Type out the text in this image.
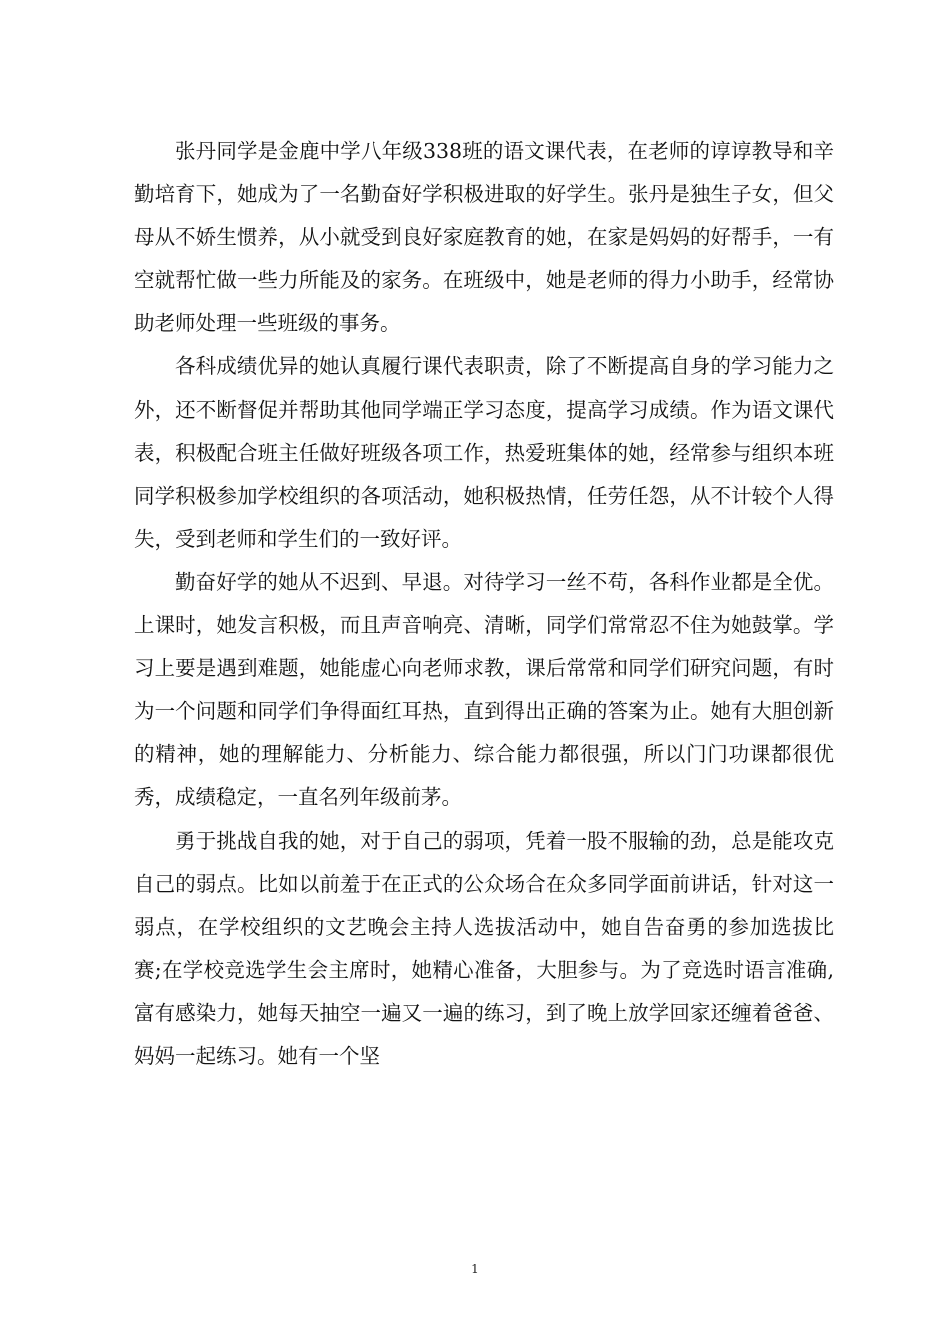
张丹同学是金鹿中学八年级338班的语文课代表，在老师的谆谆教导和辛勤培育下，她成为了一名勤奋好学积极进取的好学生。张丹是独生子女，但父母从不娇生惯养，从小就受到良好家庭教育的她，在家是妈妈的好帮手，一有空就帮忙做一些力所能及的家务。在班级中，她是老师的得力小助手，经常协助老师处理一些班级的事务。

各科成绩优异的她认真履行课代表职责，除了不断提高自身的学习能力之外，还不断督促并帮助其他同学端正学习态度，提高学习成绩。作为语文课代表，积极配合班主任做好班级各项工作，热爱班集体的她，经常参与组织本班同学积极参加学校组织的各项活动，她积极热情，任劳任怨，从不计较个人得失，受到老师和学生们的一致好评。

勤奋好学的她从不迟到、早退。对待学习一丝不苟，各科作业都是全优。上课时，她发言积极，而且声音响亮、清晰，同学们常常忍不住为她鼓掌。学习上要是遇到难题，她能虚心向老师求教，课后常常和同学们研究问题，有时为一个问题和同学们争得面红耳热，直到得出正确的答案为止。她有大胆创新的精神，她的理解能力、分析能力、综合能力都很强，所以门门功课都很优秀，成绩稳定，一直名列年级前茅。

勇于挑战自我的她，对于自己的弱项，凭着一股不服输的劲，总是能攻克自己的弱点。比如以前羞于在正式的公众场合在众多同学面前讲话，针对这一弱点，在学校组织的文艺晚会主持人选拔活动中，她自告奋勇的参加选拔比赛;在学校竞选学生会主席时，她精心准备，大胆参与。为了竞选时语言准确,富有感染力，她每天抽空一遍又一遍的练习，到了晚上放学回家还缠着爸爸、妈妈一起练习。她有一个坚

1
